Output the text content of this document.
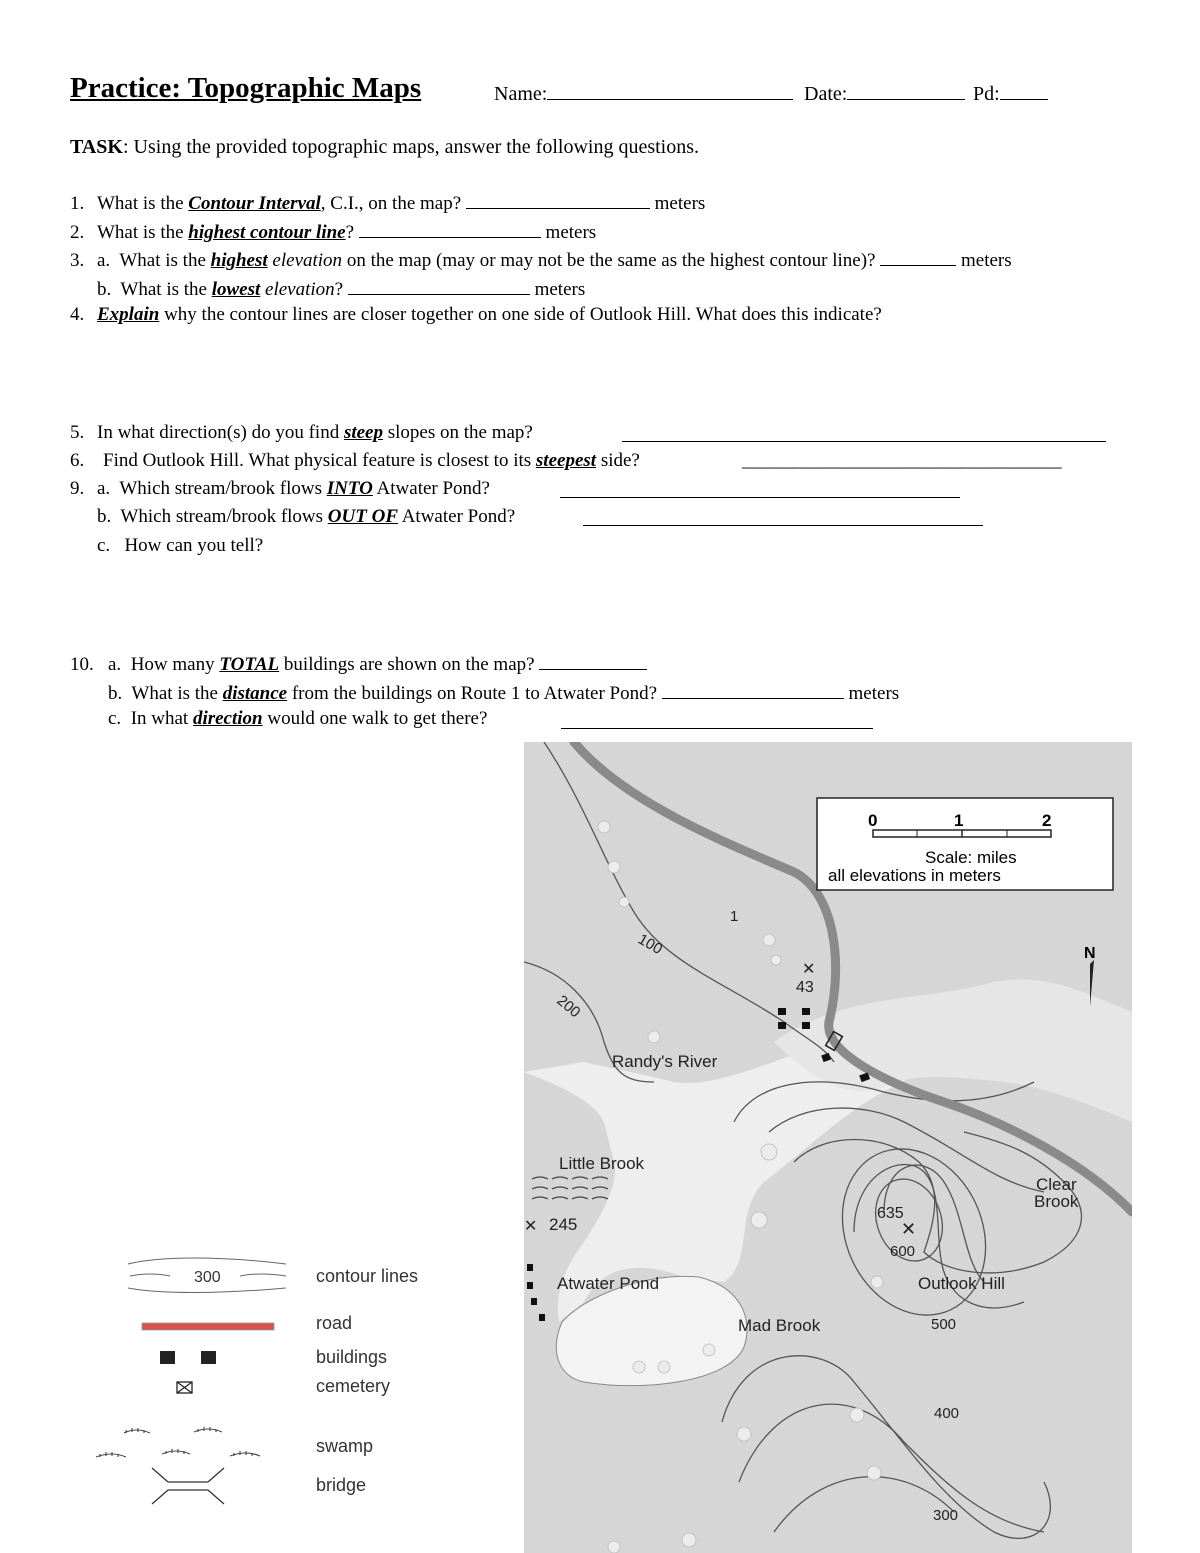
Practice: Topographic Maps	Name:	Date:	Pd:
TASK: Using the provided topographic maps, answer the following questions.
1. What is the Contour Interval, C.I., on the map?	meters
2. What is the highest contour line?	meters
3. a. What is the highest elevation on the map (may or may not be the same as the highest contour line)?	meters
b. What is the lowest elevation?	meters
4. Explain why the contour lines are closer together on one side of Outlook Hill. What does this indicate?
5. In what direction(s) do you find steep slopes on the map?
6. Find Outlook Hill. What physical feature is closest to its steepest side?	______________________________________
9. a. Which stream/brook flows INTO Atwater Pond?
b. Which stream/brook flows OUT OF Atwater Pond?
c. How can you tell?
10. a. How many TOTAL buildings are shown on the map?
b. What is the distance from the buildings on Route 1 to Atwater Pond?	meters
c. In what direction would one walk to get there?
0	1	2
Scale: miles
all elevations in meters
N
1
100
200
✕
43
Randy's River
Little Brook
✕ 245
635
✕
600
Clear
Brook
Atwater Pond	Outlook Hill
Mad Brook	500
400
300
300	contour lines
road
buildings
cemetery
swamp
bridge
